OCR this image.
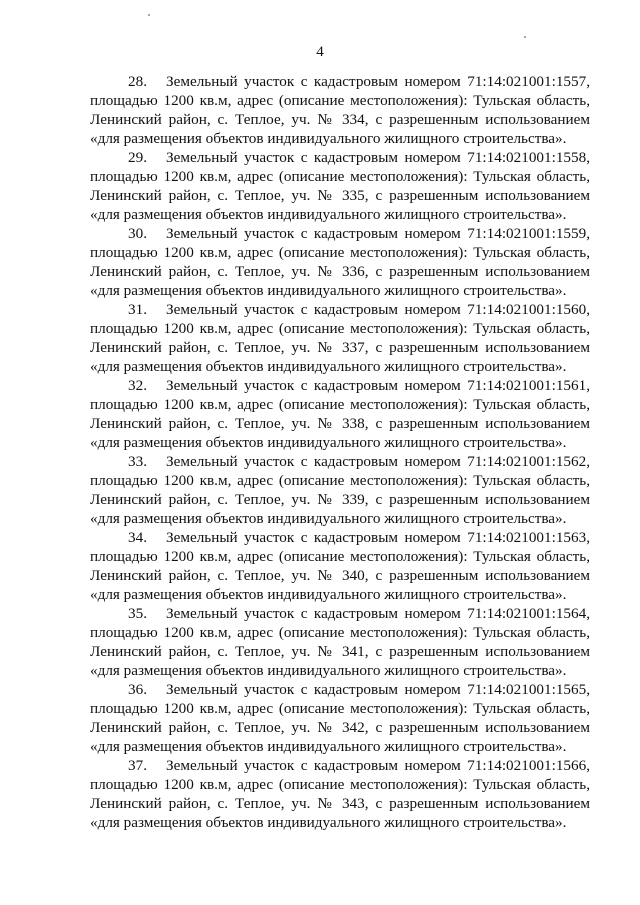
4

28. Земельный участок с кадастровым номером 71:14:021001:1557, площадью 1200 кв.м, адрес (описание местоположения): Тульская область, Ленинский район, с. Теплое, уч. № 334, с разрешенным использованием «для размещения объектов индивидуального жилищного строительства».

29. Земельный участок с кадастровым номером 71:14:021001:1558, площадью 1200 кв.м, адрес (описание местоположения): Тульская область, Ленинский район, с. Теплое, уч. № 335, с разрешенным использованием «для размещения объектов индивидуального жилищного строительства».

30. Земельный участок с кадастровым номером 71:14:021001:1559, площадью 1200 кв.м, адрес (описание местоположения): Тульская область, Ленинский район, с. Теплое, уч. № 336, с разрешенным использованием «для размещения объектов индивидуального жилищного строительства».

31. Земельный участок с кадастровым номером 71:14:021001:1560, площадью 1200 кв.м, адрес (описание местоположения): Тульская область, Ленинский район, с. Теплое, уч. № 337, с разрешенным использованием «для размещения объектов индивидуального жилищного строительства».

32. Земельный участок с кадастровым номером 71:14:021001:1561, площадью 1200 кв.м, адрес (описание местоположения): Тульская область, Ленинский район, с. Теплое, уч. № 338, с разрешенным использованием «для размещения объектов индивидуального жилищного строительства».

33. Земельный участок с кадастровым номером 71:14:021001:1562, площадью 1200 кв.м, адрес (описание местоположения): Тульская область, Ленинский район, с. Теплое, уч. № 339, с разрешенным использованием «для размещения объектов индивидуального жилищного строительства».

34. Земельный участок с кадастровым номером 71:14:021001:1563, площадью 1200 кв.м, адрес (описание местоположения): Тульская область, Ленинский район, с. Теплое, уч. № 340, с разрешенным использованием «для размещения объектов индивидуального жилищного строительства».

35. Земельный участок с кадастровым номером 71:14:021001:1564, площадью 1200 кв.м, адрес (описание местоположения): Тульская область, Ленинский район, с. Теплое, уч. № 341, с разрешенным использованием «для размещения объектов индивидуального жилищного строительства».

36. Земельный участок с кадастровым номером 71:14:021001:1565, площадью 1200 кв.м, адрес (описание местоположения): Тульская область, Ленинский район, с. Теплое, уч. № 342, с разрешенным использованием «для размещения объектов индивидуального жилищного строительства».

37. Земельный участок с кадастровым номером 71:14:021001:1566, площадью 1200 кв.м, адрес (описание местоположения): Тульская область, Ленинский район, с. Теплое, уч. № 343, с разрешенным использованием «для размещения объектов индивидуального жилищного строительства».
